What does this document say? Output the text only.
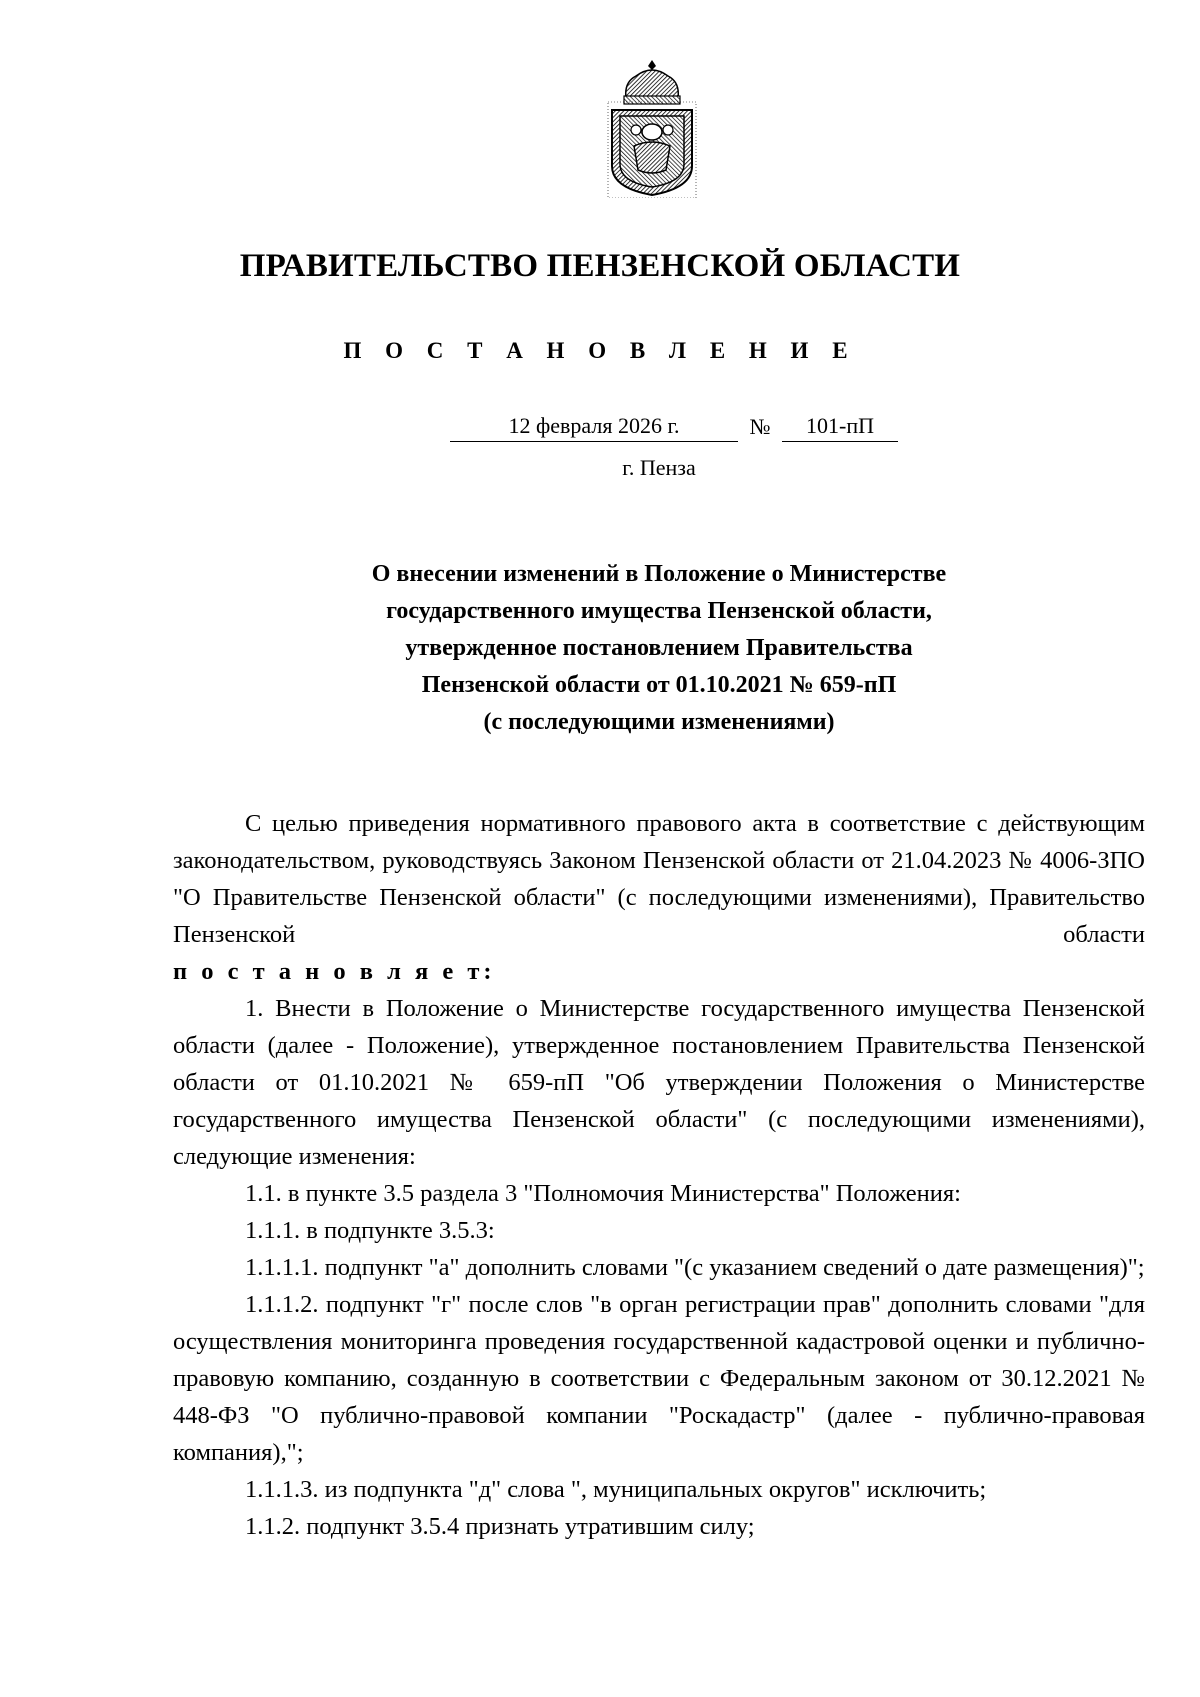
ПРАВИТЕЛЬСТВО ПЕНЗЕНСКОЙ ОБЛАСТИ
П О С Т А Н О В Л Е Н И Е
12 февраля 2026 г.	№	101-пП
г. Пенза
О внесении изменений в Положение о Министерстве
государственного имущества Пензенской области,
утвержденное постановлением Правительства
Пензенской области от 01.10.2021 № 659-пП
(с последующими изменениями)

С целью приведения нормативного правового акта в соответствие с действующим законодательством, руководствуясь Законом Пензенской области от 21.04.2023 № 4006-ЗПО "О Правительстве Пензенской области" (с последующими изменениями), Правительство Пензенской области

п о с т а н о в л я е т:

1. Внести в Положение о Министерстве государственного имущества Пензенской области (далее - Положение), утвержденное постановлением Правительства Пензенской области от 01.10.2021 № 659-пП "Об утверждении Положения о Министерстве государственного имущества Пензенской области" (с последующими изменениями), следующие изменения:

1.1. в пункте 3.5 раздела 3 "Полномочия Министерства" Положения:

1.1.1. в подпункте 3.5.3:

1.1.1.1. подпункт "а" дополнить словами "(с указанием сведений о дате размещения)";

1.1.1.2. подпункт "г" после слов "в орган регистрации прав" дополнить словами "для осуществления мониторинга проведения государственной кадастровой оценки и публично-правовую компанию, созданную в соответствии с Федеральным законом от 30.12.2021 № 448-ФЗ "О публично-правовой компании "Роскадастр" (далее - публично-правовая компания),";

1.1.1.3. из подпункта "д" слова ", муниципальных округов" исключить;

1.1.2. подпункт 3.5.4 признать утратившим силу;
